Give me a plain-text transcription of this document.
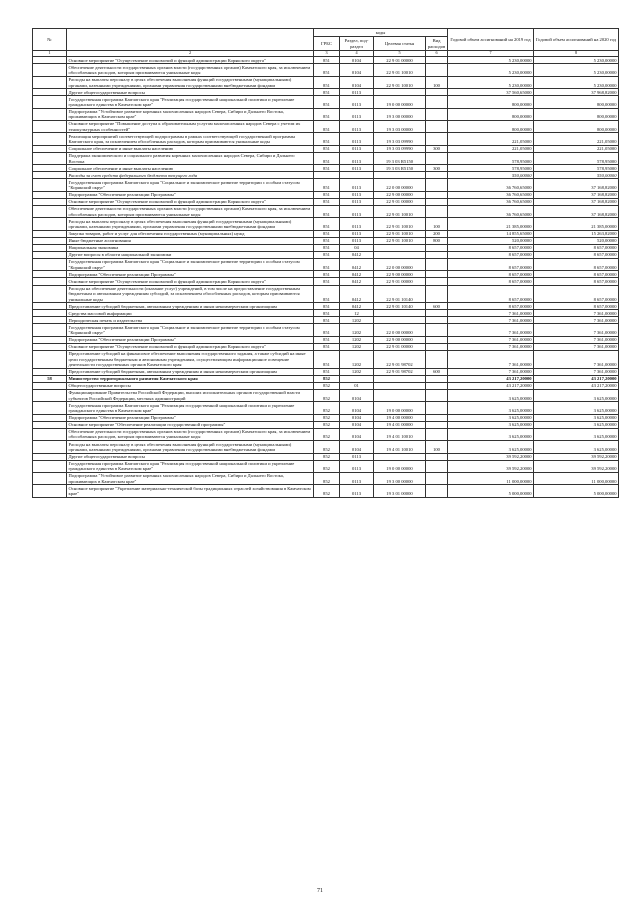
№		коды				Годовой объем ассигнований на 2019 год	Годовой объем ассигнований на 2020 год
		ГРБС	Раздел, под-раздел	Целевая статья	Вид расходов		
1	2	3	4	5	6	7	8
	Основное мероприятие "Осуществление полномочий и функций администрации Корякского округа"	851	0104	22 9 01 00000		5 230,00000	5 230,00000
	Обеспечение деятельности государственных органов власти (государственных органов) Камчатского края, за исключением обособленных расходов, которым присваиваются уникальные коды	851	0104	22 9 01 10010		5 230,00000	5 230,00000
	Расходы на выплаты персоналу в целях обеспечения выполнения функций государственными (муниципальными) органами, казенными учреждениями, органами управления государственными внебюджетными фондами	851	0104	22 9 01 10010	100	5 230,00000	5 230,00000
	Другие общегосударственные вопросы	851	0113			37 560,65000	37 968,82000
	Государственная программа Камчатского края "Реализация государственной национальной политики и укрепление гражданского единства в Камчатском крае"	851	0113	19 0 00 00000		800,00000	800,00000
	Подпрограмма "Устойчивое развитие коренных малочисленных народов Севера, Сибири и Дальнего Востока, проживающих в Камчатском крае"	851	0113	19 3 00 00000		800,00000	800,00000
	Основное мероприятие "Повышение доступа к образовательным услугам малочисленных народов Севера с учетом их этнокультурных особенностей"	851	0113	19 3 03 00000		800,00000	800,00000
	Реализация мероприятий соответствующей подпрограммы в рамках соответствующей государственной программы Камчатского края, за исключением обособленных расходов, которым присваиваются уникальные коды	851	0113	19 3 03 09990		221,05000	221,05000
	Социальное обеспечение и иные выплаты населению	851	0113	19 3 03 09990	300	221,05000	221,05000
	Поддержка экономического и социального развития коренных малочисленных народов Севера, Сибири и Дальнего Востока	851	0113	19 3 03 R5150		578,95000	578,95000
	Социальное обеспечение и иные выплаты населению	851	0113	19 3 03 R5150	300	578,95000	578,95000
	Расходы за счет средств федерального бюджета текущего года					550,00000	550,00000
	Государственная программа Камчатского края "Социальное и экономическое развитие территории с особым статусом "Корякский округ"	851	0113	22 0 00 00000		36 760,65000	37 168,82000
	Подпрограмма "Обеспечение реализации Программы"	851	0113	22 9 00 00000		36 760,65000	37 168,82000
	Основное мероприятие "Осуществление полномочий и функций администрации Корякского округа"	851	0113	22 9 01 00000		36 760,65000	37 168,82000
	Обеспечение деятельности государственных органов власти (государственных органов) Камчатского края, за исключением обособленных расходов, которым присваиваются уникальные коды	851	0113	22 9 01 10010		36 760,65000	37 168,82000
	Расходы на выплаты персоналу в целях обеспечения выполнения функций государственными (муниципальными) органами, казенными учреждениями, органами управления государственными внебюджетными фондами	851	0113	22 9 01 10010	100	21 385,00000	21 385,00000
	Закупка товаров, работ и услуг для обеспечения государственных (муниципальных) нужд	851	0113	22 9 01 10010	200	14 855,65000	15 263,82000
	Иные бюджетные ассигнования	851	0113	22 9 01 10010	800	520,00000	520,00000
	Национальная экономика	851	04			8 657,00000	8 657,00000
	Другие вопросы в области национальной экономики	851	0412			8 657,00000	8 657,00000
	Государственная программа Камчатского края "Социальное и экономическое развитие территории с особым статусом "Корякский округ"	851	0412	22 0 00 00000		8 657,00000	8 657,00000
	Подпрограмма "Обеспечение реализации Программы"	851	0412	22 9 00 00000		8 657,00000	8 657,00000
	Основное мероприятие "Осуществление полномочий и функций администрации Корякского округа"	851	0412	22 9 01 00000		8 657,00000	8 657,00000
	Расходы на обеспечение деятельности (оказание услуг) учреждений, в том числе на предоставление государственным бюджетным и автономным учреждениям субсидий, за исключением обособленных расходов, которым присваиваются уникальные коды	851	0412	22 9 01 10140		8 657,00000	8 657,00000
	Предоставление субсидий бюджетным, автономным учреждениям и иным некоммерческим организациям	851	0412	22 9 01 10140	600	8 657,00000	8 657,00000
	Средства массовой информации	851	12			7 361,00000	7 361,00000
	Периодическая печать и издательства	851	1202			7 361,00000	7 361,00000
	Государственная программа Камчатского края "Социальное и экономическое развитие территории с особым статусом "Корякский округ"	851	1202	22 0 00 00000		7 361,00000	7 361,00000
	Подпрограмма "Обеспечение реализации Программы"	851	1202	22 9 00 00000		7 361,00000	7 361,00000
	Основное мероприятие "Осуществление полномочий и функций администрации Корякского округа"	851	1202	22 9 01 00000		7 361,00000	7 361,00000
	Предоставление субсидий на финансовое обеспечение выполнения государственного задания, а также субсидий на иные цели государственным бюджетным и автономным учреждениям, осуществляющим информационное освещение деятельности государственных органов Камчатского края	851	1202	22 9 01 98702		7 361,00000	7 361,00000
	Предоставление субсидий бюджетным, автономным учреждениям и иным некоммерческим организациям	851	1202	22 9 01 98702	600	7 361,00000	7 361,00000
58	Министерство территориального развития Камчатского края	852				43 217,20000	43 217,20000
	Общегосударственные вопросы	852	01			43 217,20000	43 217,20000
	Функционирование Правительства Российской Федерации, высших исполнительных органов государственной власти субъектов Российской Федерации, местных администраций	852	0104			3 625,00000	3 625,00000
	Государственная программа Камчатского края "Реализация государственной национальной политики и укрепление гражданского единства в Камчатском крае"	852	0104	19 0 00 00000		3 625,00000	3 625,00000
	Подпрограмма "Обеспечение реализации Программы"	852	0104	19 4 00 00000		3 625,00000	3 625,00000
	Основное мероприятие "Обеспечение реализации государственной программы"	852	0104	19 4 01 00000		3 625,00000	3 625,00000
	Обеспечение деятельности государственных органов власти (государственных органов) Камчатского края, за исключением обособленных расходов, которым присваиваются уникальные коды	852	0104	19 4 01 10010		3 625,00000	3 625,00000
	Расходы на выплаты персоналу в целях обеспечения выполнения функций государственными (муниципальными) органами, казенными учреждениями, органами управления государственными внебюджетными фондами	852	0104	19 4 01 10010	100	3 625,00000	3 625,00000
	Другие общегосударственные вопросы	852	0113			39 592,20000	39 592,20000
	Государственная программа Камчатского края "Реализация государственной национальной политики и укрепление гражданского единства в Камчатском крае"	852	0113	19 0 00 00000		39 592,20000	39 592,20000
	Подпрограмма "Устойчивое развитие коренных малочисленных народов Севера, Сибири и Дальнего Востока, проживающих в Камчатском крае"	852	0113	19 3 00 00000		11 000,00000	11 000,00000
	Основное мероприятие "Укрепление материально-технической базы традиционных отраслей хозяйствования в Камчатском крае"	852	0113	19 3 01 00000		5 000,00000	5 000,00000
71
